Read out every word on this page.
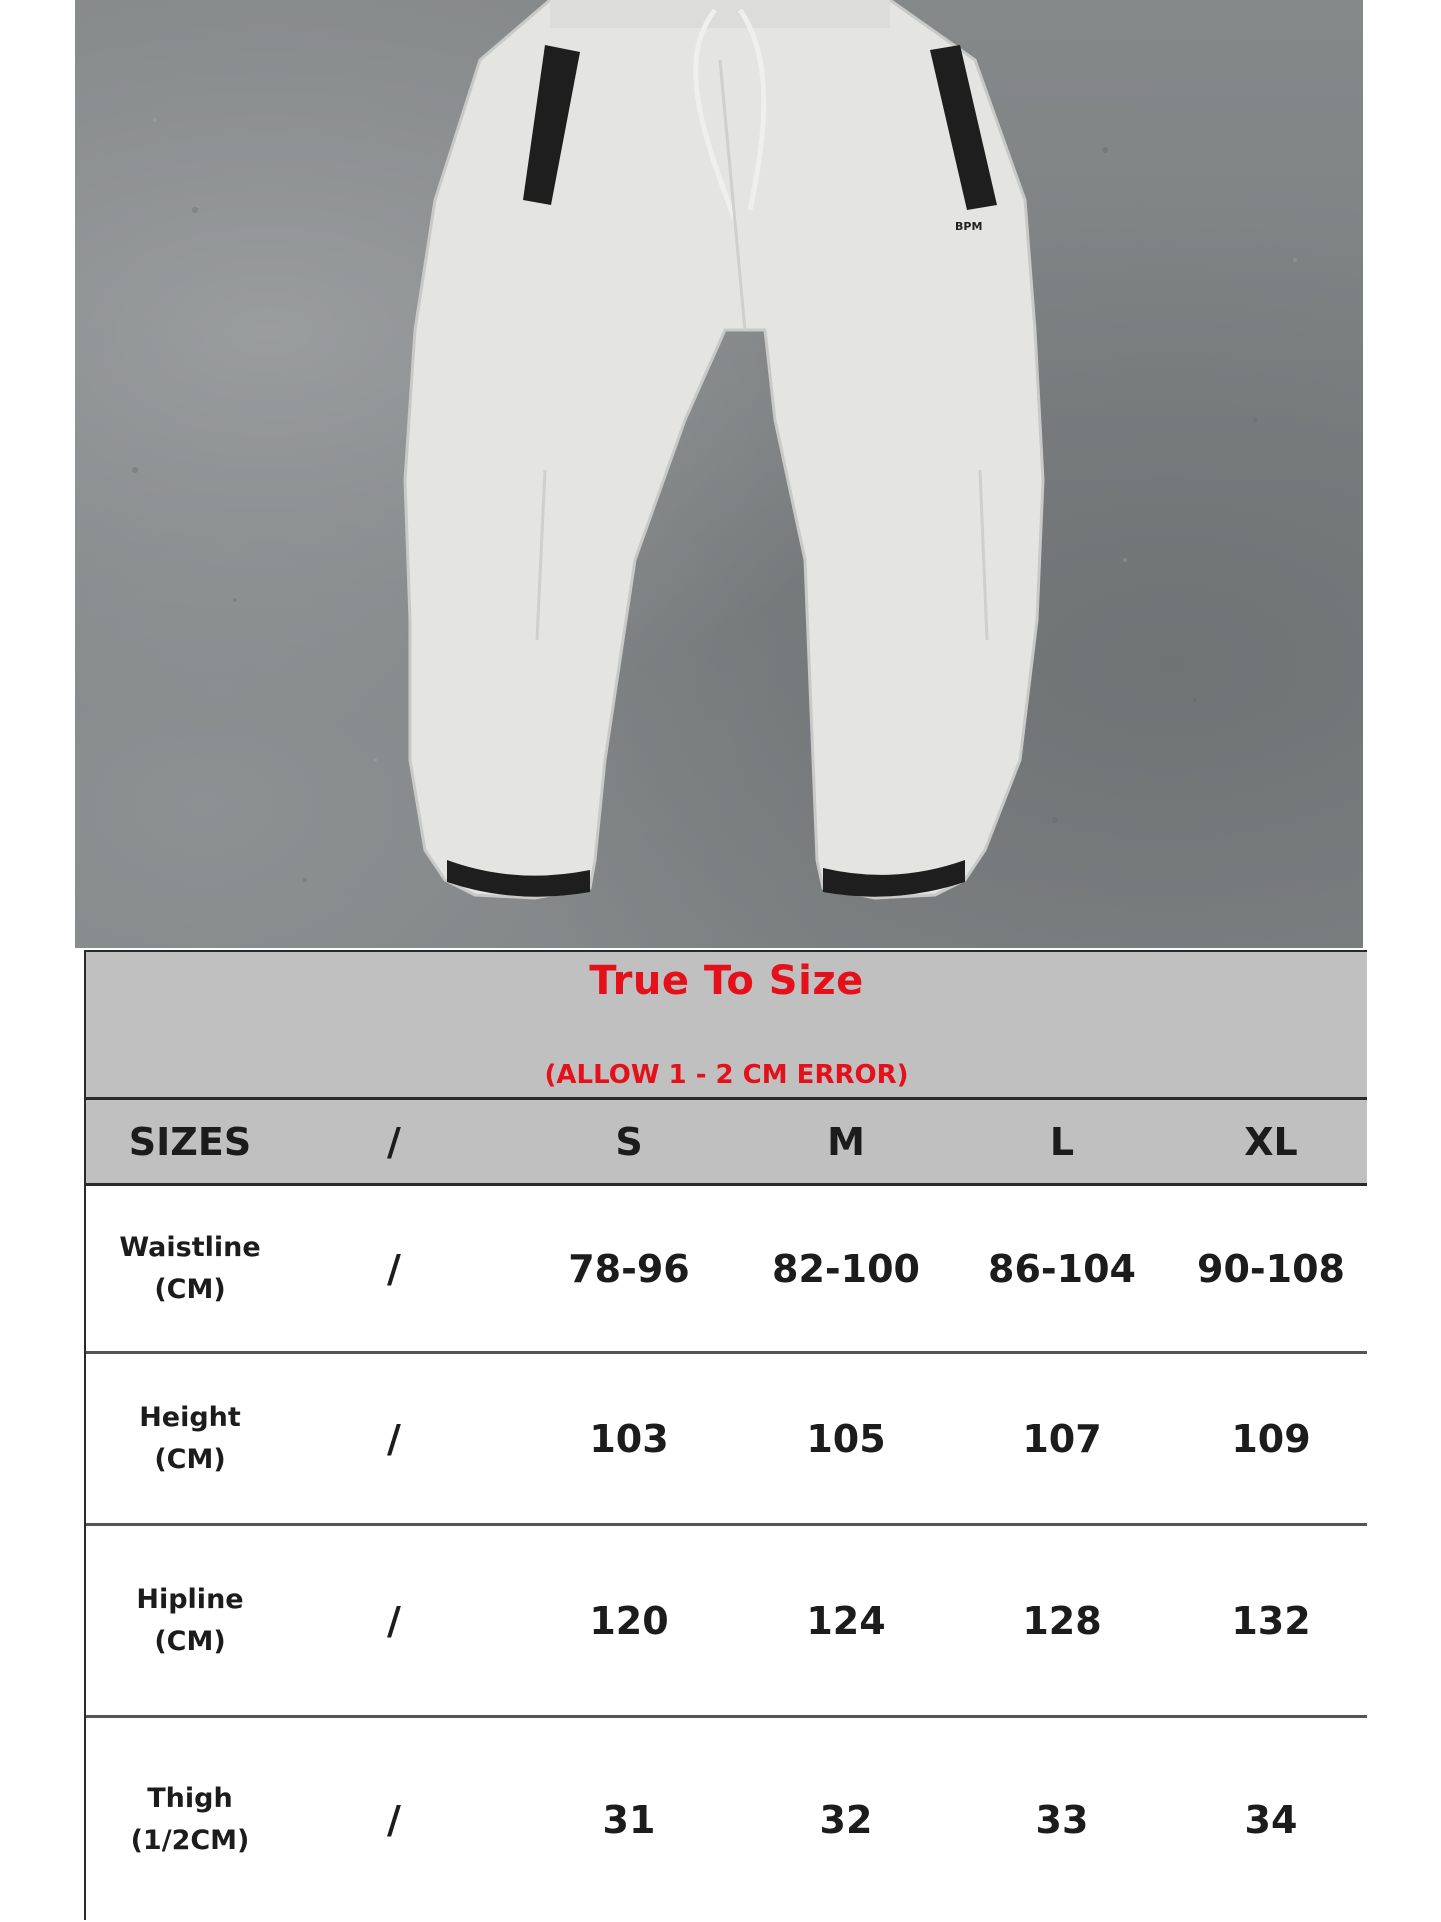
BPM
True To Size
(ALLOW 1 - 2 CM ERROR)
SIZES	/	S	M	L	XL
Waistline
(CM)	/	78-96	82-100	86-104	90-108
Height
(CM)	/	103	105	107	109
Hipline
(CM)	/	120	124	128	132
Thigh
(1/2CM)	/	31	32	33	34
